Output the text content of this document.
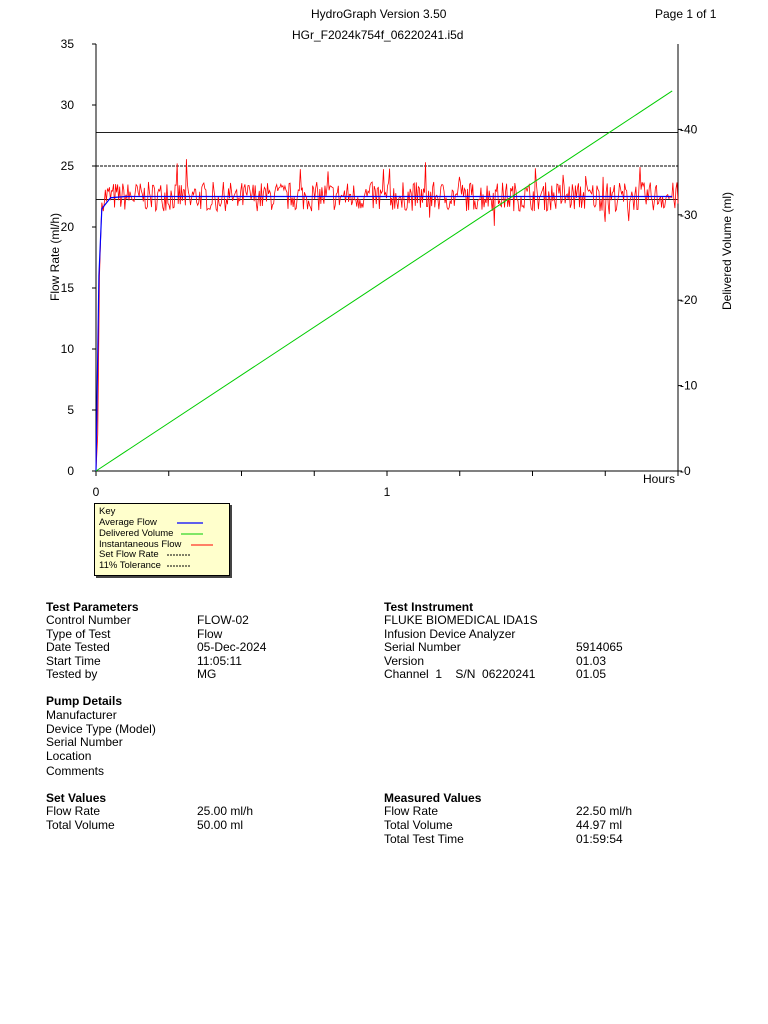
HydroGraph Version 3.50	Page 1 of 1
HGr_F2024k754f_06220241.i5d
0
5
10
15
20
25
30
35
-0
-10
-20
-30
-40
0	1
Flow Rate (ml/h)	Delivered Volume (ml)
Hours
Key
Average Flow
Delivered Volume
Instantaneous Flow
Set Flow Rate
11% Tolerance
Test Parameters
Control Number	FLOW-02
Type of Test	Flow
Date Tested	05-Dec-2024
Start Time	11:05:11
Tested by	MG
Test Instrument
FLUKE BIOMEDICAL IDA1S
Infusion Device Analyzer
Serial Number	5914065
Version	01.03
Channel  1    S/N  06220241	01.05
Pump Details
Manufacturer
Device Type (Model)
Serial Number
Location
Comments
Set Values
Flow Rate	25.00 ml/h
Total Volume	50.00 ml
Measured Values
Flow Rate	22.50 ml/h
Total Volume	44.97 ml
Total Test Time	01:59:54
